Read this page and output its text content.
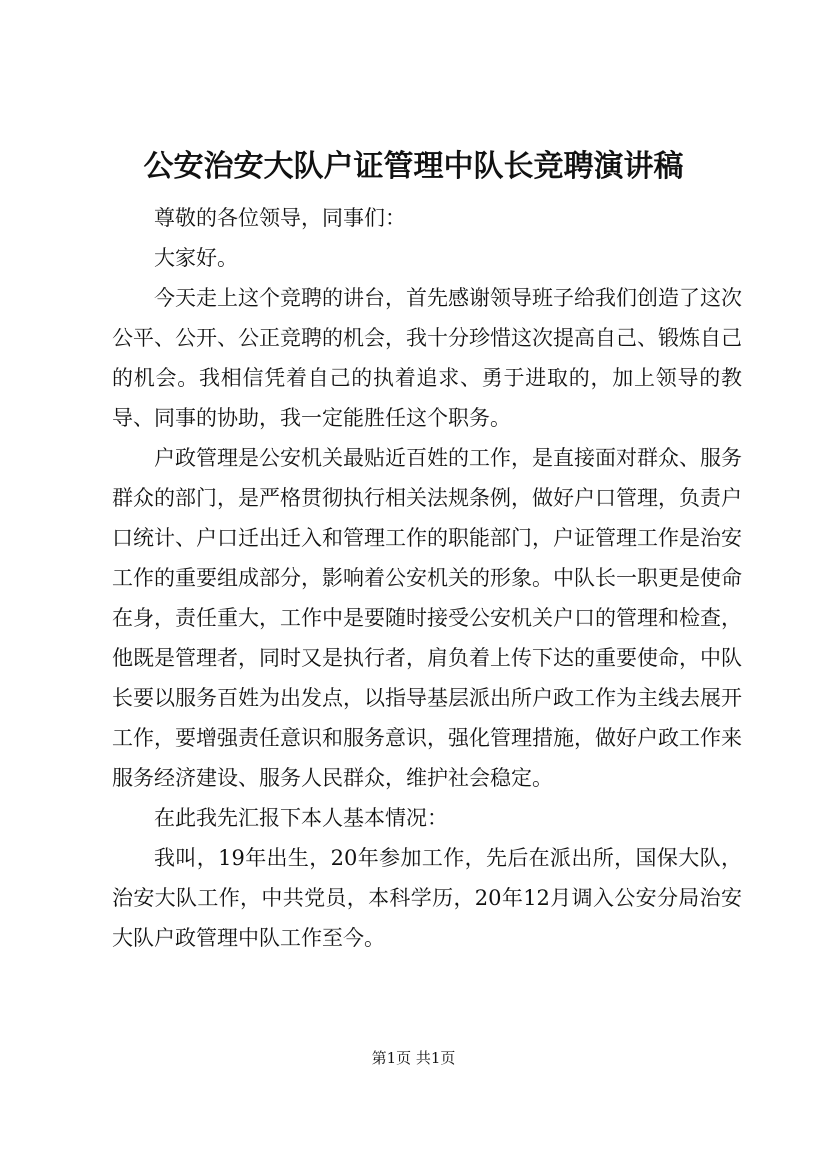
公安治安大队户证管理中队长竞聘演讲稿

尊敬的各位领导，同事们：

大家好。

今天走上这个竞聘的讲台，首先感谢领导班子给我们创造了这次公平、公开、公正竞聘的机会，我十分珍惜这次提高自己、锻炼自己的机会。我相信凭着自己的执着追求、勇于进取的，加上领导的教导、同事的协助，我一定能胜任这个职务。

户政管理是公安机关最贴近百姓的工作，是直接面对群众、服务群众的部门，是严格贯彻执行相关法规条例，做好户口管理，负责户口统计、户口迁出迁入和管理工作的职能部门，户证管理工作是治安工作的重要组成部分，影响着公安机关的形象。中队长一职更是使命在身，责任重大，工作中是要随时接受公安机关户口的管理和检查，他既是管理者，同时又是执行者，肩负着上传下达的重要使命，中队长要以服务百姓为出发点，以指导基层派出所户政工作为主线去展开工作，要增强责任意识和服务意识，强化管理措施，做好户政工作来服务经济建设、服务人民群众，维护社会稳定。

在此我先汇报下本人基本情况：

我叫，19年出生，20年参加工作，先后在派出所，国保大队，治安大队工作，中共党员，本科学历，20年12月调入公安分局治安大队户政管理中队工作至今。

第1页 共1页
